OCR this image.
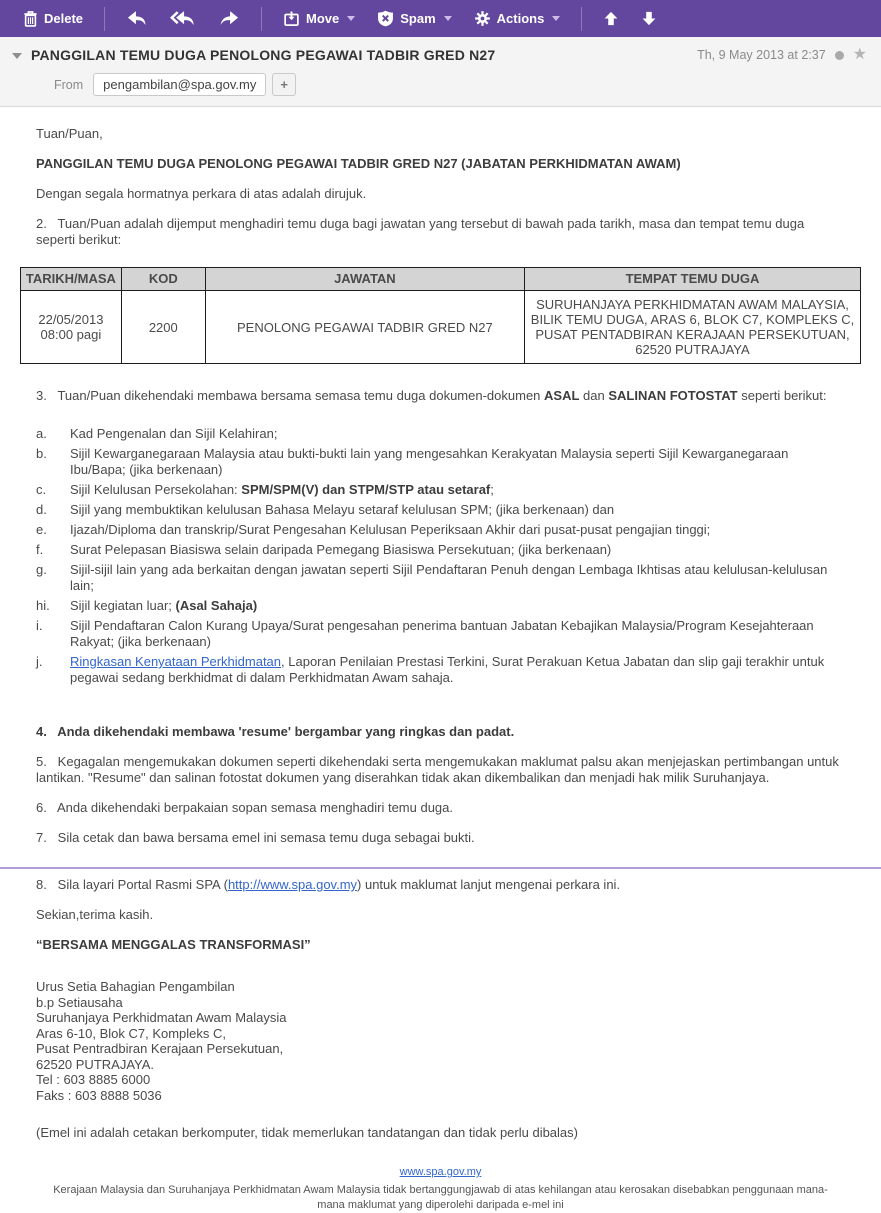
Delete	Move	Spam	Actions
PANGGILAN TEMU DUGA PENOLONG PEGAWAI TADBIR GRED N27	Th, 9 May 2013 at 2:37 ★
From	pengambilan@spa.gov.my	+

Tuan/Puan,

PANGGILAN TEMU DUGA PENOLONG PEGAWAI TADBIR GRED N27 (JABATAN PERKHIDMATAN AWAM)

Dengan segala hormatnya perkara di atas adalah dirujuk.

2.   Tuan/Puan adalah dijemput menghadiri temu duga bagi jawatan yang tersebut di bawah pada tarikh, masa dan tempat temu duga seperti berikut:

TARIKH/MASA	KOD	JAWATAN	TEMPAT TEMU DUGA
22/05/2013
08:00 pagi	2200	PENOLONG PEGAWAI TADBIR GRED N27	SURUHANJAYA PERKHIDMATAN AWAM MALAYSIA,
BILIK TEMU DUGA, ARAS 6, BLOK C7, KOMPLEKS C,
PUSAT PENTADBIRAN KERAJAAN PERSEKUTUAN,
62520 PUTRAJAYA

3.   Tuan/Puan dikehendaki membawa bersama semasa temu duga dokumen-dokumen ASAL dan SALINAN FOTOSTAT seperti berikut:

a.	Kad Pengenalan dan Sijil Kelahiran;
b.	Sijil Kewarganegaraan Malaysia atau bukti-bukti lain yang mengesahkan Kerakyatan Malaysia seperti Sijil Kewarganegaraan Ibu/Bapa; (jika berkenaan)
c.	Sijil Kelulusan Persekolahan: SPM/SPM(V) dan STPM/STP atau setaraf;
d.	Sijil yang membuktikan kelulusan Bahasa Melayu setaraf kelulusan SPM; (jika berkenaan) dan
e.	Ijazah/Diploma dan transkrip/Surat Pengesahan Kelulusan Peperiksaan Akhir dari pusat-pusat pengajian tinggi;
f.	Surat Pelepasan Biasiswa selain daripada Pemegang Biasiswa Persekutuan; (jika berkenaan)
g.	Sijil-sijil lain yang ada berkaitan dengan jawatan seperti Sijil Pendaftaran Penuh dengan Lembaga Ikhtisas atau kelulusan-kelulusan lain;
hi.	Sijil kegiatan luar; (Asal Sahaja)
i.	Sijil Pendaftaran Calon Kurang Upaya/Surat pengesahan penerima bantuan Jabatan Kebajikan Malaysia/Program Kesejahteraan Rakyat; (jika berkenaan)
j.	Ringkasan Kenyataan Perkhidmatan, Laporan Penilaian Prestasi Terkini, Surat Perakuan Ketua Jabatan dan slip gaji terakhir untuk pegawai sedang berkhidmat di dalam Perkhidmatan Awam sahaja.

4.   Anda dikehendaki membawa 'resume' bergambar yang ringkas dan padat.

5.   Kegagalan mengemukakan dokumen seperti dikehendaki serta mengemukakan maklumat palsu akan menjejaskan pertimbangan untuk lantikan. "Resume" dan salinan fotostat dokumen yang diserahkan tidak akan dikembalikan dan menjadi hak milik Suruhanjaya.

6.   Anda dikehendaki berpakaian sopan semasa menghadiri temu duga.

7.   Sila cetak dan bawa bersama emel ini semasa temu duga sebagai bukti.

8.   Sila layari Portal Rasmi SPA (http://www.spa.gov.my) untuk maklumat lanjut mengenai perkara ini.

Sekian,terima kasih.

“BERSAMA MENGGALAS TRANSFORMASI”

Urus Setia Bahagian Pengambilan
b.p Setiausaha
Suruhanjaya Perkhidmatan Awam Malaysia
Aras 6-10, Blok C7, Kompleks C,
Pusat Pentradbiran Kerajaan Persekutuan,
62520 PUTRAJAYA.
Tel : 603 8885 6000
Faks : 603 8888 5036

(Emel ini adalah cetakan berkomputer, tidak memerlukan tandatangan dan tidak perlu dibalas)

www.spa.gov.my
Kerajaan Malaysia dan Suruhanjaya Perkhidmatan Awam Malaysia tidak bertanggungjawab di atas kehilangan atau kerosakan disebabkan penggunaan mana-mana maklumat yang diperolehi daripada e-mel ini
